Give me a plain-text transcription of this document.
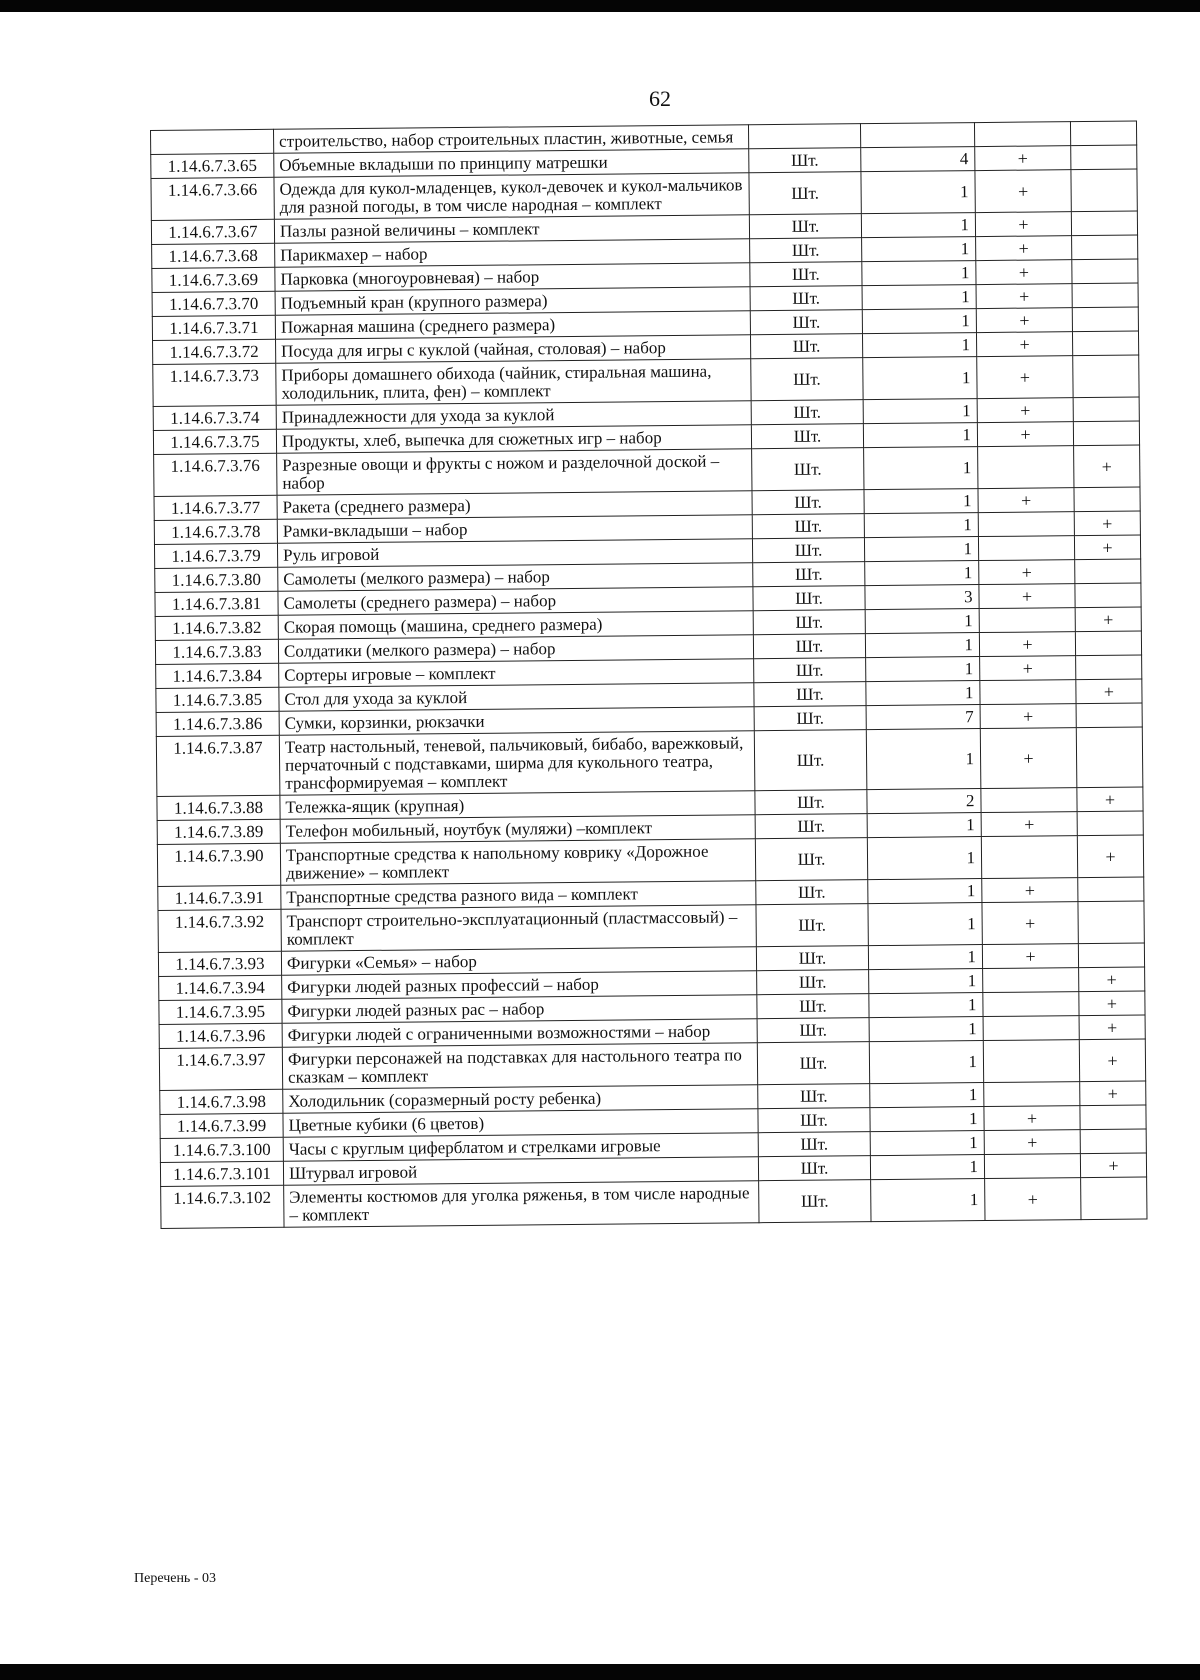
62
	строительство, набор строительных пластин, животные, семья				
1.14.6.7.3.65	Объемные вкладыши по принципу матрешки	Шт.	4	+	
1.14.6.7.3.66	Одежда для кукол-младенцев, кукол-девочек и кукол-мальчиков для разной погоды, в том числе народная – комплект	Шт.	1	+	
1.14.6.7.3.67	Пазлы разной величины – комплект	Шт.	1	+	
1.14.6.7.3.68	Парикмахер – набор	Шт.	1	+	
1.14.6.7.3.69	Парковка (многоуровневая) – набор	Шт.	1	+	
1.14.6.7.3.70	Подъемный кран (крупного размера)	Шт.	1	+	
1.14.6.7.3.71	Пожарная машина (среднего размера)	Шт.	1	+	
1.14.6.7.3.72	Посуда для игры с куклой (чайная, столовая) – набор	Шт.	1	+	
1.14.6.7.3.73	Приборы домашнего обихода (чайник, стиральная машина, холодильник, плита, фен) – комплект	Шт.	1	+	
1.14.6.7.3.74	Принадлежности для ухода за куклой	Шт.	1	+	
1.14.6.7.3.75	Продукты, хлеб, выпечка для сюжетных игр – набор	Шт.	1	+	
1.14.6.7.3.76	Разрезные овощи и фрукты с ножом и разделочной доской – набор	Шт.	1		+
1.14.6.7.3.77	Ракета (среднего размера)	Шт.	1	+	
1.14.6.7.3.78	Рамки-вкладыши – набор	Шт.	1		+
1.14.6.7.3.79	Руль игровой	Шт.	1		+
1.14.6.7.3.80	Самолеты (мелкого размера) – набор	Шт.	1	+	
1.14.6.7.3.81	Самолеты (среднего размера) – набор	Шт.	3	+	
1.14.6.7.3.82	Скорая помощь (машина, среднего размера)	Шт.	1		+
1.14.6.7.3.83	Солдатики (мелкого размера) – набор	Шт.	1	+	
1.14.6.7.3.84	Сортеры игровые – комплект	Шт.	1	+	
1.14.6.7.3.85	Стол для ухода за куклой	Шт.	1		+
1.14.6.7.3.86	Сумки, корзинки, рюкзачки	Шт.	7	+	
1.14.6.7.3.87	Театр настольный, теневой, пальчиковый, бибабо, варежковый, перчаточный с подставками, ширма для кукольного театра, трансформируемая – комплект	Шт.	1	+	
1.14.6.7.3.88	Тележка-ящик (крупная)	Шт.	2		+
1.14.6.7.3.89	Телефон мобильный, ноутбук (муляжи) –комплект	Шт.	1	+	
1.14.6.7.3.90	Транспортные средства к напольному коврику «Дорожное движение» – комплект	Шт.	1		+
1.14.6.7.3.91	Транспортные средства разного вида – комплект	Шт.	1	+	
1.14.6.7.3.92	Транспорт строительно-эксплуатационный (пластмассовый) – комплект	Шт.	1	+	
1.14.6.7.3.93	Фигурки «Семья» – набор	Шт.	1	+	
1.14.6.7.3.94	Фигурки людей разных профессий – набор	Шт.	1		+
1.14.6.7.3.95	Фигурки людей разных рас – набор	Шт.	1		+
1.14.6.7.3.96	Фигурки людей с ограниченными возможностями – набор	Шт.	1		+
1.14.6.7.3.97	Фигурки персонажей на подставках для настольного театра по сказкам – комплект	Шт.	1		+
1.14.6.7.3.98	Холодильник (соразмерный росту ребенка)	Шт.	1		+
1.14.6.7.3.99	Цветные кубики (6 цветов)	Шт.	1	+	
1.14.6.7.3.100	Часы с круглым циферблатом и стрелками игровые	Шт.	1	+	
1.14.6.7.3.101	Штурвал игровой	Шт.	1		+
1.14.6.7.3.102	Элементы костюмов для уголка ряженья, в том числе народные – комплект	Шт.	1	+	
Перечень - 03
